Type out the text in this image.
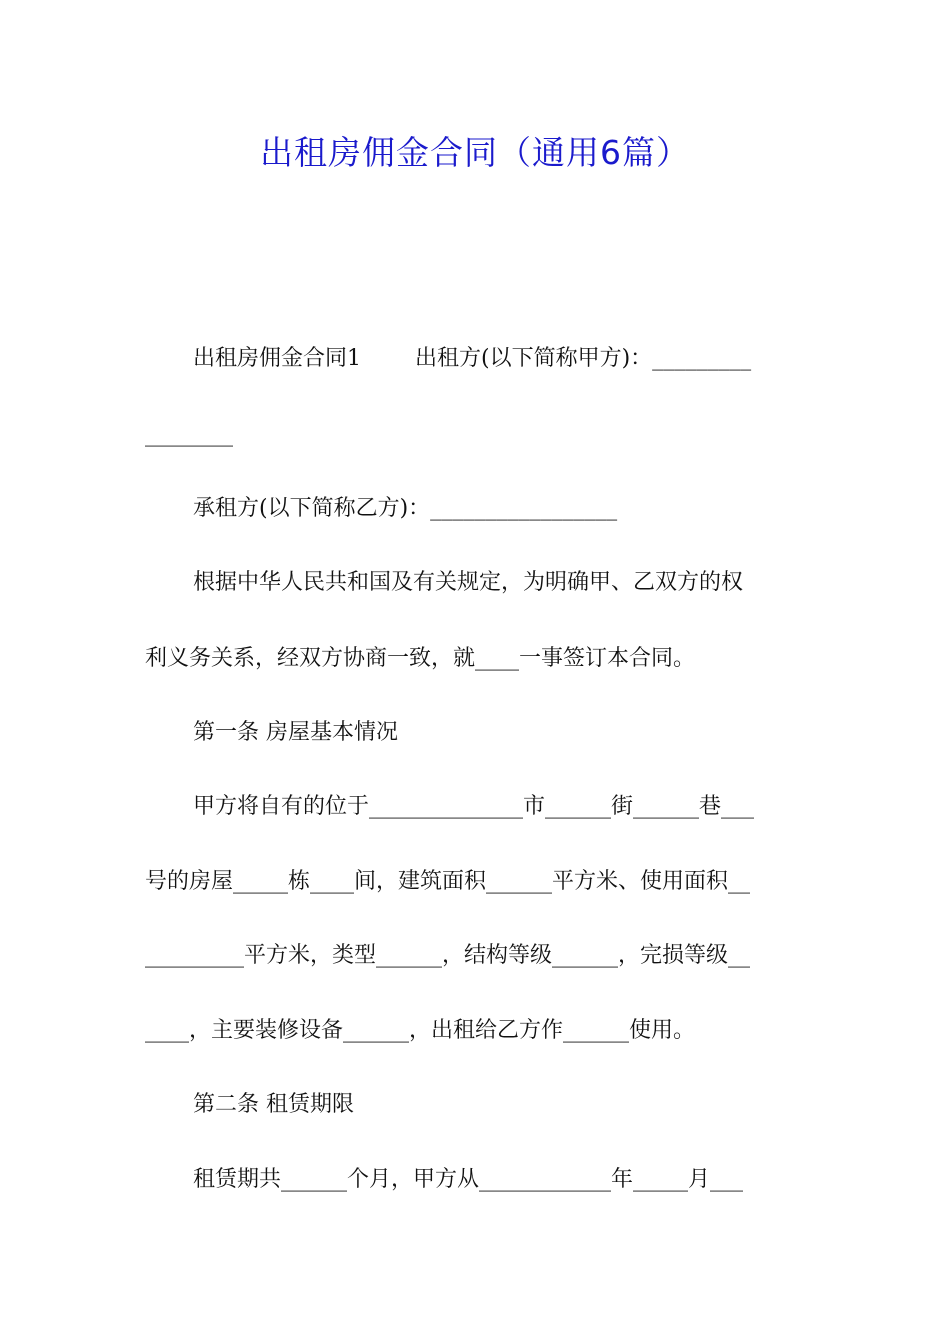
出租房佣金合同（通用6篇）

出租房佣金合同1 出租方(以下简称甲方)：_________

________

承租方(以下简称乙方)：_________________

根据中华人民共和国及有关规定，为明确甲、乙双方的权

利义务关系，经双方协商一致，就____一事签订本合同。

第一条 房屋基本情况

甲方将自有的位于______________市______街______巷___

号的房屋_____栋____间，建筑面积______平方米、使用面积__

_________平方米，类型______，结构等级______，完损等级__

____，主要装修设备______，出租给乙方作______使用。

第二条 租赁期限

租赁期共______个月，甲方从____________年_____月___
